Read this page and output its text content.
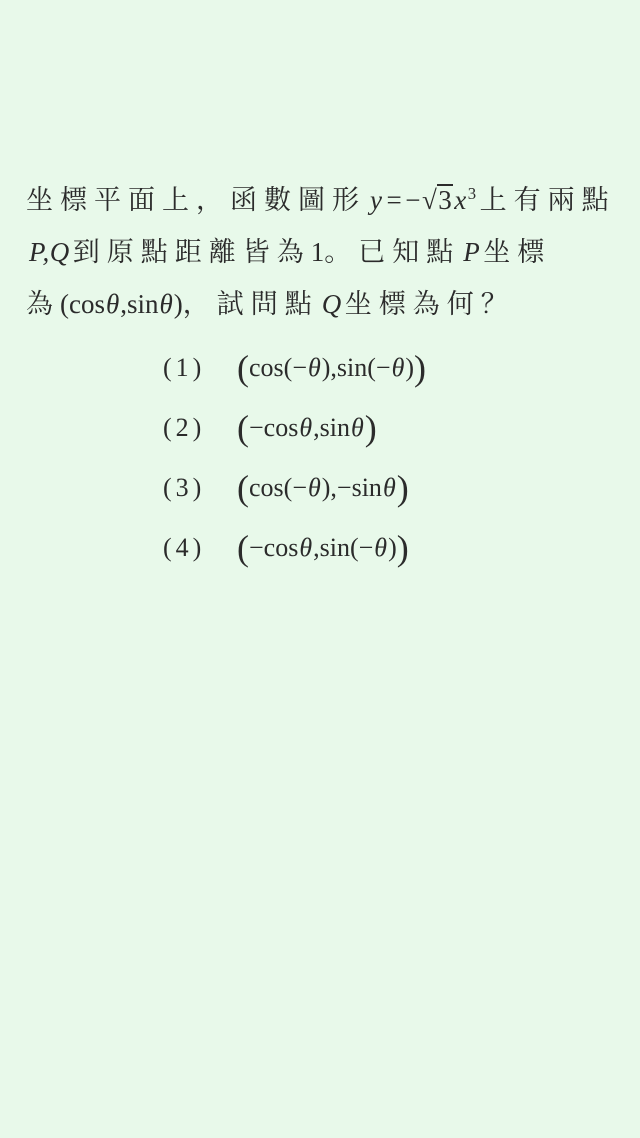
坐標平面上，函數圖形 $y = -√3x^3$ 上有兩點
P,Q 到原點距離皆為1。已知點 P 坐標
為(cosθ,sinθ)，試問點 Q 坐標為何？
(1) (cos(−θ),sin(−θ))
(2) (−cosθ,sinθ)
(3) (cos(−θ),−sinθ)
(4) (−cosθ,sin(−θ))
